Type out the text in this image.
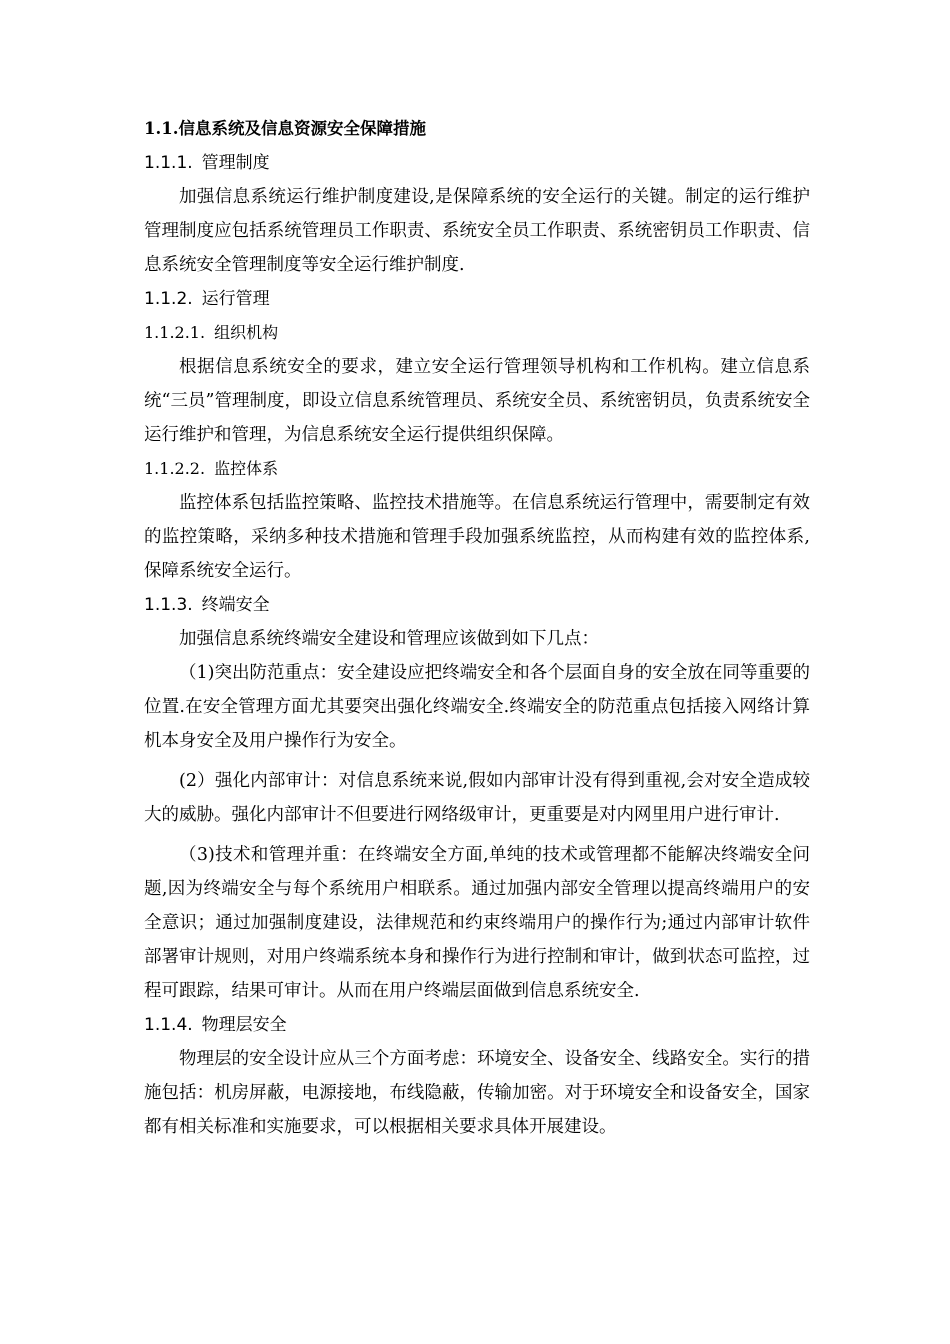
1.1.信息系统及信息资源安全保障措施
1.1.1. 管理制度

加强信息系统运行维护制度建设,是保障系统的安全运行的关键。制定的运行维护管理制度应包括系统管理员工作职责、系统安全员工作职责、系统密钥员工作职责、信息系统安全管理制度等安全运行维护制度.

1.1.2. 运行管理
1.1.2.1. 组织机构

根据信息系统安全的要求，建立安全运行管理领导机构和工作机构。建立信息系统“三员”管理制度，即设立信息系统管理员、系统安全员、系统密钥员，负责系统安全运行维护和管理，为信息系统安全运行提供组织保障。

1.1.2.2. 监控体系

监控体系包括监控策略、监控技术措施等。在信息系统运行管理中，需要制定有效的监控策略，采纳多种技术措施和管理手段加强系统监控，从而构建有效的监控体系,保障系统安全运行。

1.1.3. 终端安全

加强信息系统终端安全建设和管理应该做到如下几点：

（1)突出防范重点：安全建设应把终端安全和各个层面自身的安全放在同等重要的位置.在安全管理方面尤其要突出强化终端安全.终端安全的防范重点包括接入网络计算机本身安全及用户操作行为安全。

(2）强化内部审计：对信息系统来说,假如内部审计没有得到重视,会对安全造成较大的威胁。强化内部审计不但要进行网络级审计，更重要是对内网里用户进行审计.

（3)技术和管理并重：在终端安全方面,单纯的技术或管理都不能解决终端安全问题,因为终端安全与每个系统用户相联系。通过加强内部安全管理以提高终端用户的安全意识；通过加强制度建设，法律规范和约束终端用户的操作行为;通过内部审计软件部署审计规则，对用户终端系统本身和操作行为进行控制和审计，做到状态可监控，过程可跟踪，结果可审计。从而在用户终端层面做到信息系统安全.

1.1.4. 物理层安全

物理层的安全设计应从三个方面考虑：环境安全、设备安全、线路安全。实行的措施包括：机房屏蔽，电源接地，布线隐蔽，传输加密。对于环境安全和设备安全，国家都有相关标准和实施要求，可以根据相关要求具体开展建设。
